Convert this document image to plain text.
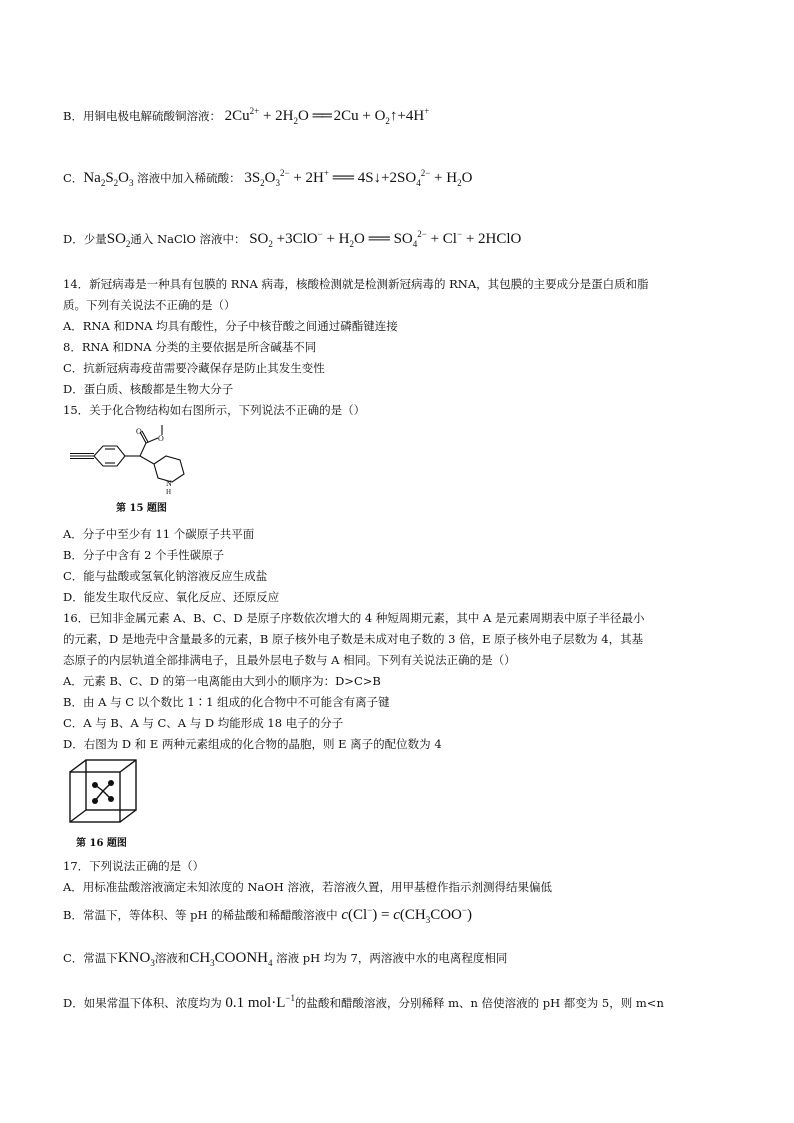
B．用铜电极电解硫酸铜溶液： $2Cu^{2+} + 2H_2O$ ══ $2Cu + O_2↑+4H^+$
C．$Na_2S_2O_3$ 溶液中加入稀硫酸： $3S_2O_3^{2-} + 2H^+$ ══ $4S↓+2SO_4^{2-} + H_2O$
D．少量$SO_2$通入 NaClO 溶液中： $SO_2 +3ClO^- + H_2O$ ══ $SO_4^{2-} + Cl^-$ + 2HClO
14．新冠病毒是一种具有包膜的 RNA 病毒，核酸检测就是检测新冠病毒的 RNA，其包膜的主要成分是蛋白质和脂
质。下列有关说法不正确的是（）
A．RNA 和DNA 均具有酸性，分子中核苷酸之间通过磷酯键连接
8．RNA 和DNA 分类的主要依据是所含碱基不同
C．抗新冠病毒疫苗需要冷藏保存是防止其发生变性
D．蛋白质、核酸都是生物大分子
15．关于化合物结构如右图所示，下列说法不正确的是（）
O
O
N
H
第 15 题图
A．分子中至少有 11 个碳原子共平面
B．分子中含有 2 个手性碳原子
C．能与盐酸或氢氧化钠溶液反应生成盐
D．能发生取代反应、氧化反应、还原反应
16．已知非金属元素 A、B、C、D 是原子序数依次增大的 4 种短周期元素，其中 A 是元素周期表中原子半径最小
的元素，D 是地壳中含量最多的元素，B 原子核外电子数是未成对电子数的 3 倍，E 原子核外电子层数为 4，其基
态原子的内层轨道全部排满电子，且最外层电子数与 A 相同。下列有关说法正确的是（）
A．元素 B、C、D 的第一电离能由大到小的顺序为：D>C>B
B．由 A 与 C 以个数比 1∶1 组成的化合物中不可能含有离子键
C．A 与 B、A 与 C、A 与 D 均能形成 18 电子的分子
D．右图为 D 和 E 两种元素组成的化合物的晶胞，则 E 离子的配位数为 4
第 16 题图
17．下列说法正确的是（）
A．用标准盐酸溶液滴定未知浓度的 NaOH 溶液，若溶液久置，用甲基橙作指示剂测得结果偏低
B．常温下，等体积、等 pH 的稀盐酸和稀醋酸溶液中 $c(Cl^-) = c(CH_3COO^-)$
C．常温下$KNO_3$溶液和$CH_3COONH_4$ 溶液 pH 均为 7，两溶液中水的电离程度相同
D．如果常温下体积、浓度均为 0.1 $mol\cdot L^{-1}$的盐酸和醋酸溶液，分别稀释 m、n 倍使溶液的 pH 都变为 5，则 m<n
